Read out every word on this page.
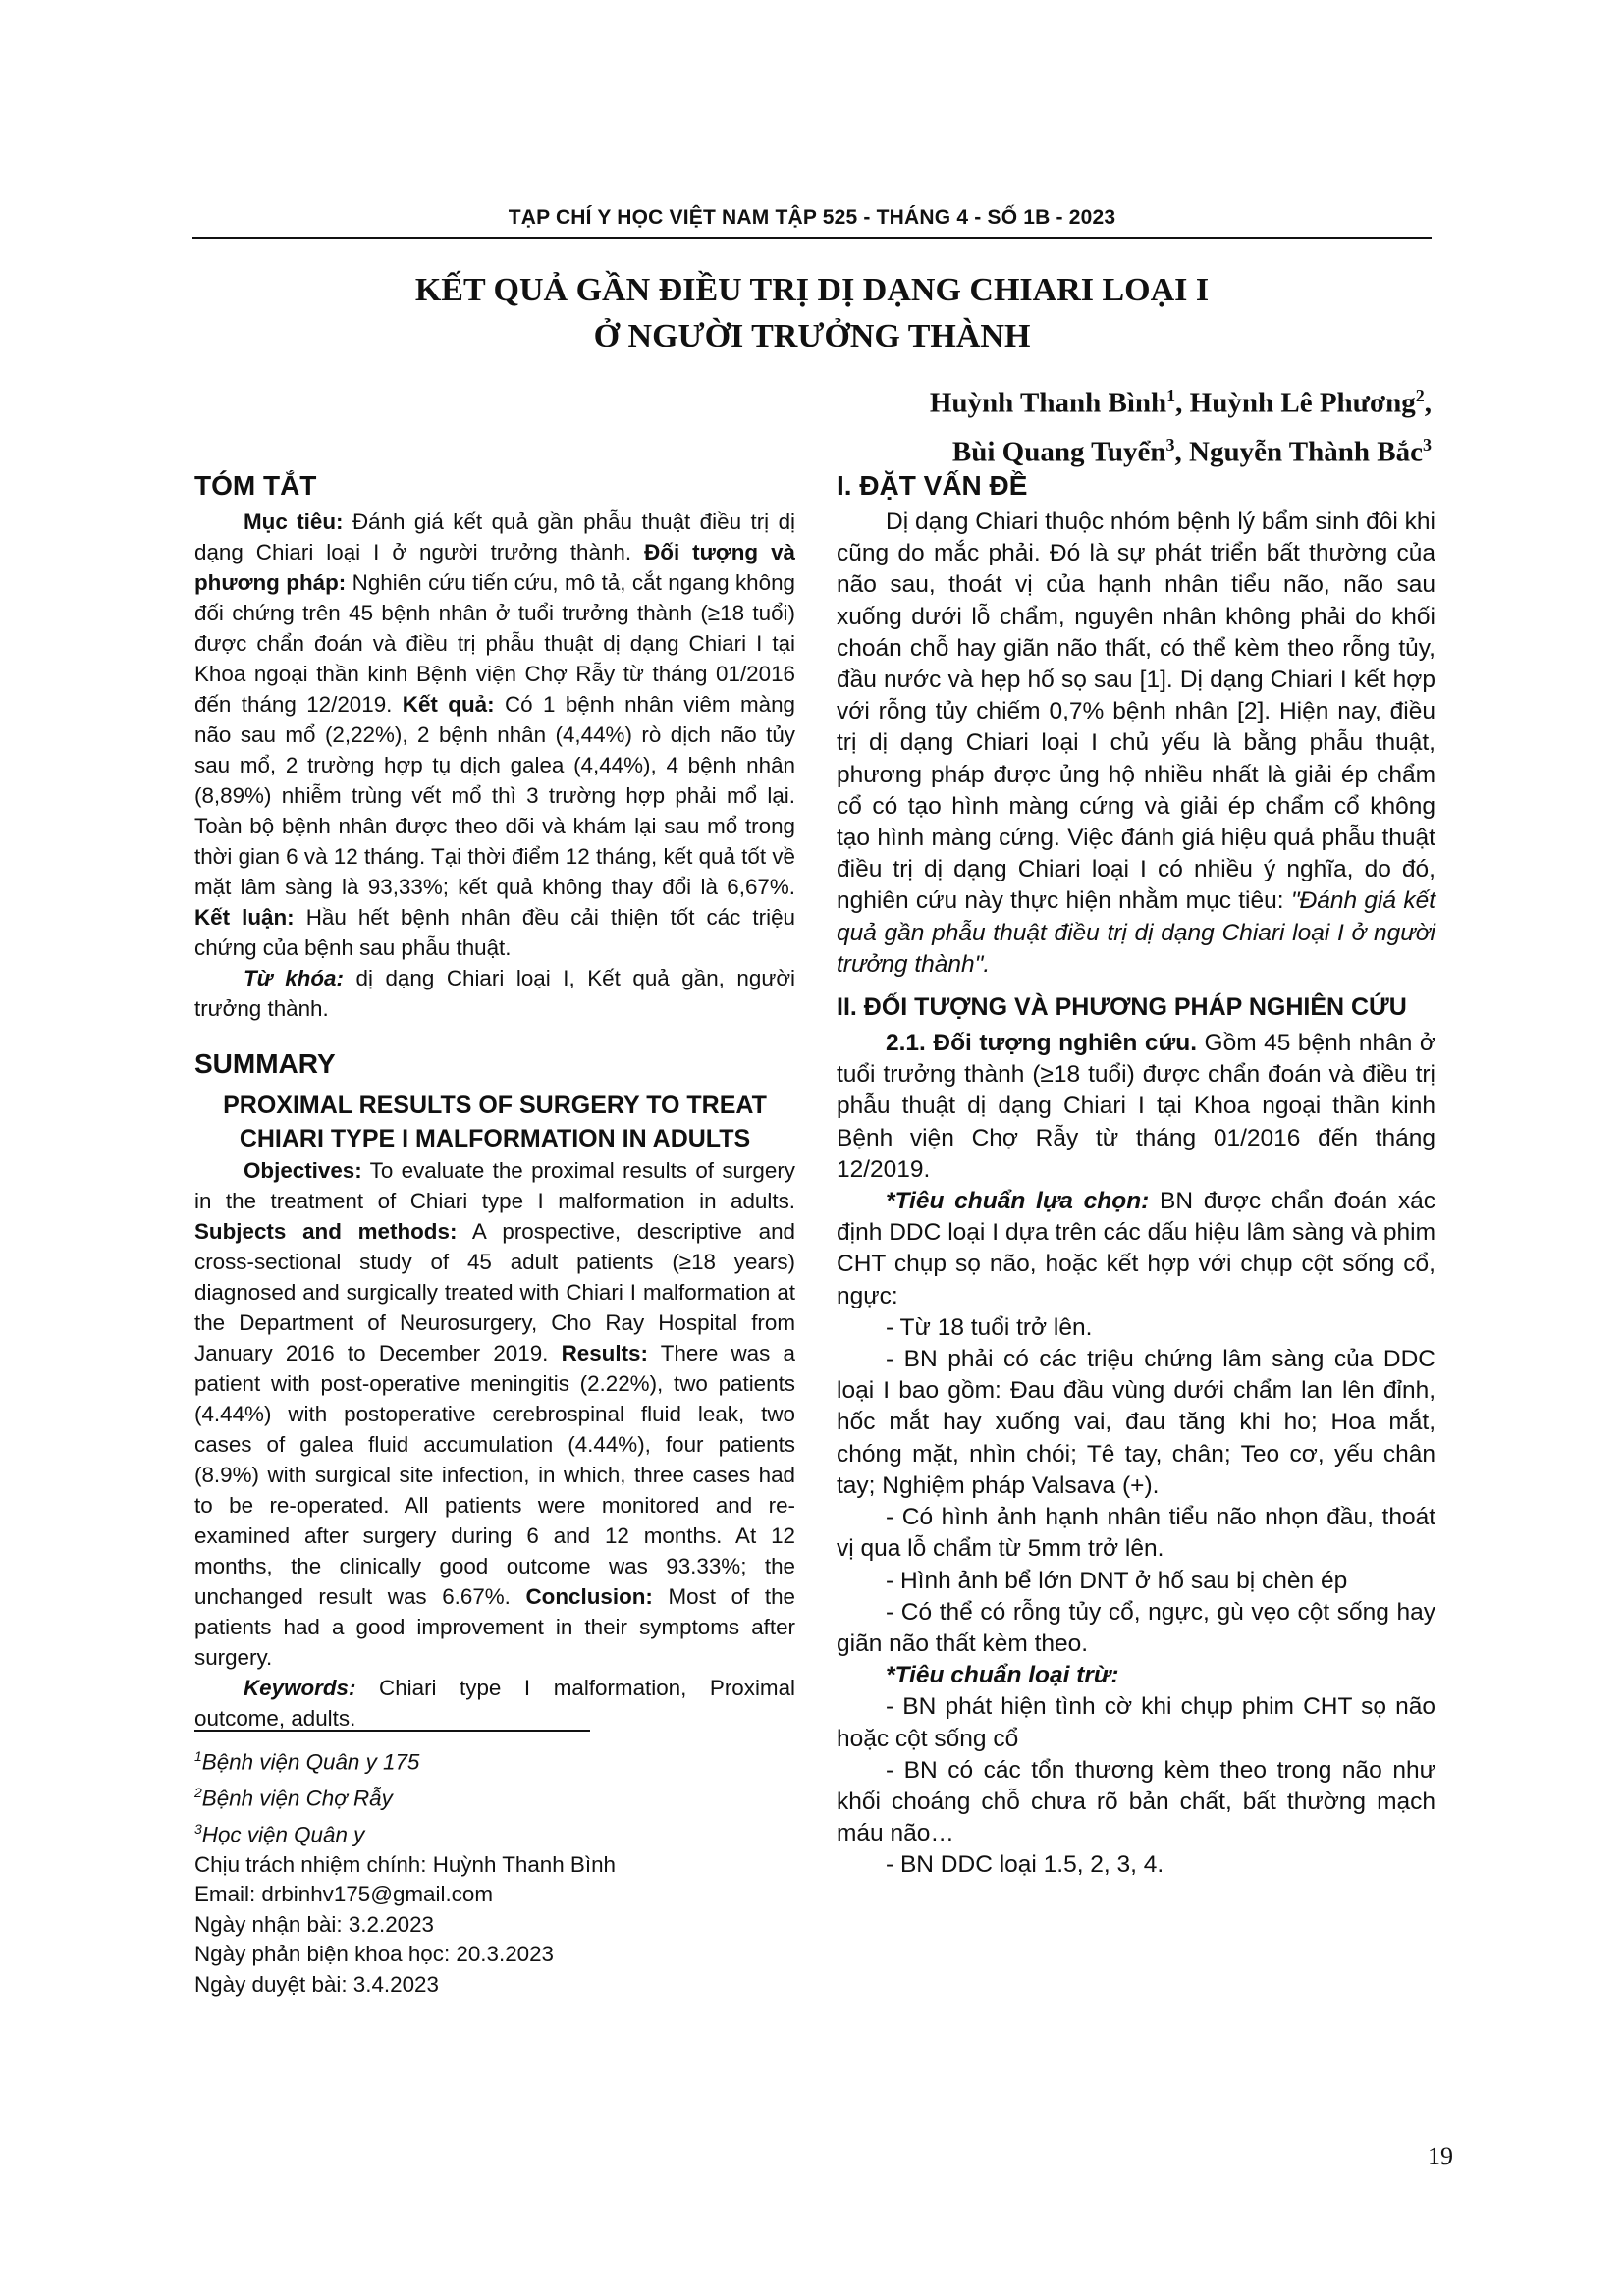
TẠP CHÍ Y HỌC VIỆT NAM TẬP 525 - THÁNG 4 - SỐ 1B - 2023
KẾT QUẢ GẦN ĐIỀU TRỊ DỊ DẠNG CHIARI LOẠI I
Ở NGƯỜI TRƯỞNG THÀNH
Huỳnh Thanh Bình$^1$, Huỳnh Lê Phương$^2$,
Bùi Quang Tuyển$^3$, Nguyễn Thành Bắc$^3$
TÓM TẮT

Mục tiêu: Đánh giá kết quả gần phẫu thuật điều trị dị dạng Chiari loại I ở người trưởng thành. Đối tượng và phương pháp: Nghiên cứu tiến cứu, mô tả, cắt ngang không đối chứng trên 45 bệnh nhân ở tuổi trưởng thành (≥18 tuổi) được chẩn đoán và điều trị phẫu thuật dị dạng Chiari I tại Khoa ngoại thần kinh Bệnh viện Chợ Rẫy từ tháng 01/2016 đến tháng 12/2019. Kết quả: Có 1 bệnh nhân viêm màng não sau mổ (2,22%), 2 bệnh nhân (4,44%) rò dịch não tủy sau mổ, 2 trường hợp tụ dịch galea (4,44%), 4 bệnh nhân (8,89%) nhiễm trùng vết mổ thì 3 trường hợp phải mổ lại. Toàn bộ bệnh nhân được theo dõi và khám lại sau mổ trong thời gian 6 và 12 tháng. Tại thời điểm 12 tháng, kết quả tốt về mặt lâm sàng là 93,33%; kết quả không thay đổi là 6,67%. Kết luận: Hầu hết bệnh nhân đều cải thiện tốt các triệu chứng của bệnh sau phẫu thuật.

Từ khóa: dị dạng Chiari loại I, Kết quả gần, người trưởng thành.

SUMMARY
PROXIMAL RESULTS OF SURGERY TO TREAT CHIARI TYPE I MALFORMATION IN ADULTS

Objectives: To evaluate the proximal results of surgery in the treatment of Chiari type I malformation in adults. Subjects and methods: A prospective, descriptive and cross-sectional study of 45 adult patients (≥18 years) diagnosed and surgically treated with Chiari I malformation at the Department of Neurosurgery, Cho Ray Hospital from January 2016 to December 2019. Results: There was a patient with post-operative meningitis (2.22%), two patients (4.44%) with postoperative cerebrospinal fluid leak, two cases of galea fluid accumulation (4.44%), four patients (8.9%) with surgical site infection, in which, three cases had to be re-operated. All patients were monitored and re-examined after surgery during 6 and 12 months. At 12 months, the clinically good outcome was 93.33%; the unchanged result was 6.67%. Conclusion: Most of the patients had a good improvement in their symptoms after surgery.

Keywords: Chiari type I malformation, Proximal outcome, adults.

$^1$Bệnh viện Quân y 175
$^2$Bệnh viện Chợ Rẫy
$^3$Học viện Quân y
Chịu trách nhiệm chính: Huỳnh Thanh Bình
Email: drbinhv175@gmail.com
Ngày nhận bài: 3.2.2023
Ngày phản biện khoa học: 20.3.2023
Ngày duyệt bài: 3.4.2023
I. ĐẶT VẤN ĐỀ

Dị dạng Chiari thuộc nhóm bệnh lý bẩm sinh đôi khi cũng do mắc phải. Đó là sự phát triển bất thường của não sau, thoát vị của hạnh nhân tiểu não, não sau xuống dưới lỗ chẩm, nguyên nhân không phải do khối choán chỗ hay giãn não thất, có thể kèm theo rỗng tủy, đầu nước và hẹp hố sọ sau [1]. Dị dạng Chiari I kết hợp với rỗng tủy chiếm 0,7% bệnh nhân [2]. Hiện nay, điều trị dị dạng Chiari loại I chủ yếu là bằng phẫu thuật, phương pháp được ủng hộ nhiều nhất là giải ép chẩm cổ có tạo hình màng cứng và giải ép chẩm cổ không tạo hình màng cứng. Việc đánh giá hiệu quả phẫu thuật điều trị dị dạng Chiari loại I có nhiều ý nghĩa, do đó, nghiên cứu này thực hiện nhằm mục tiêu: "Đánh giá kết quả gần phẫu thuật điều trị dị dạng Chiari loại I ở người trưởng thành".

II. ĐỐI TƯỢNG VÀ PHƯƠNG PHÁP NGHIÊN CỨU

2.1. Đối tượng nghiên cứu. Gồm 45 bệnh nhân ở tuổi trưởng thành (≥18 tuổi) được chẩn đoán và điều trị phẫu thuật dị dạng Chiari I tại Khoa ngoại thần kinh Bệnh viện Chợ Rẫy từ tháng 01/2016 đến tháng 12/2019.

*Tiêu chuẩn lựa chọn: BN được chẩn đoán xác định DDC loại I dựa trên các dấu hiệu lâm sàng và phim CHT chụp sọ não, hoặc kết hợp với chụp cột sống cổ, ngực:

- Từ 18 tuổi trở lên.

- BN phải có các triệu chứng lâm sàng của DDC loại I bao gồm: Đau đầu vùng dưới chẩm lan lên đỉnh, hốc mắt hay xuống vai, đau tăng khi ho; Hoa mắt, chóng mặt, nhìn chói; Tê tay, chân; Teo cơ, yếu chân tay; Nghiệm pháp Valsava (+).

- Có hình ảnh hạnh nhân tiểu não nhọn đầu, thoát vị qua lỗ chẩm từ 5mm trở lên.

- Hình ảnh bể lớn DNT ở hố sau bị chèn ép

- Có thể có rỗng tủy cổ, ngực, gù vẹo cột sống hay giãn não thất kèm theo.

*Tiêu chuẩn loại trừ:

- BN phát hiện tình cờ khi chụp phim CHT sọ não hoặc cột sống cổ

- BN có các tổn thương kèm theo trong não như khối choáng chỗ chưa rõ bản chất, bất thường mạch máu não…

- BN DDC loại 1.5, 2, 3, 4.

19
